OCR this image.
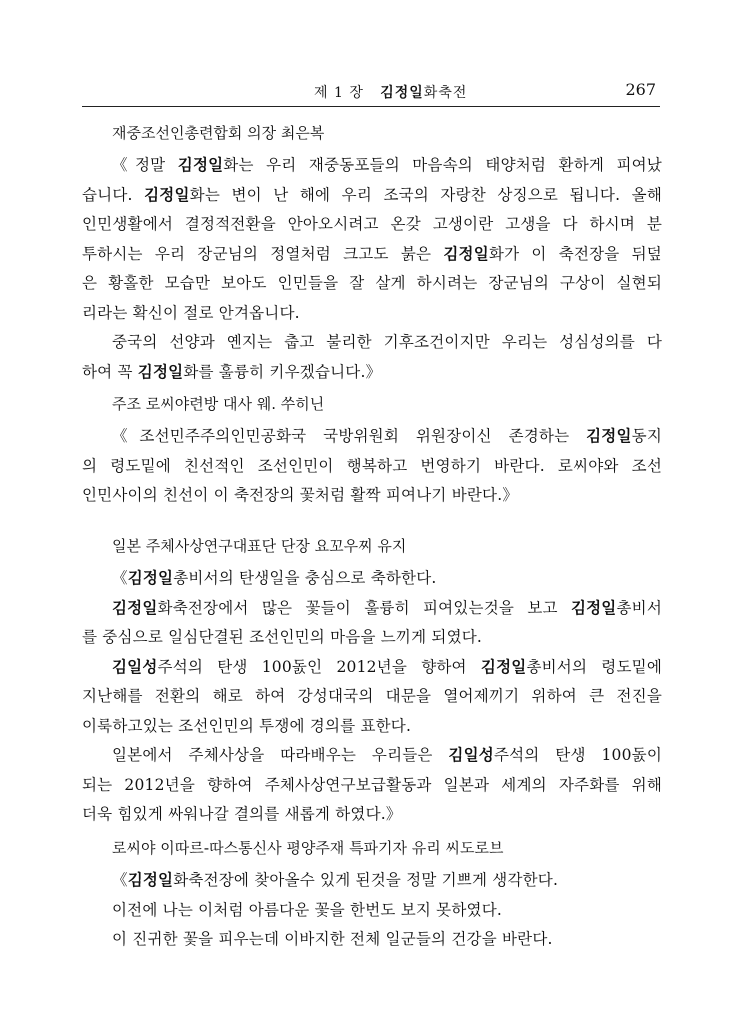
제 1 장 김정일화축전	267
재중조선인총련합회 의장 최은복

《정말 김정일화는 우리 재중동포들의 마음속의 태양처럼 환하게 피여났

습니다. 김정일화는 변이 난 해에 우리 조국의 자랑찬 상징으로 됩니다. 올해

인민생활에서 결정적전환을 안아오시려고 온갖 고생이란 고생을 다 하시며 분

투하시는 우리 장군님의 정열처럼 크고도 붉은 김정일화가 이 축전장을 뒤덮

은 황홀한 모습만 보아도 인민들을 잘 살게 하시려는 장군님의 구상이 실현되

리라는 확신이 절로 안겨옵니다.

중국의 선양과 옌지는 춥고 불리한 기후조건이지만 우리는 성심성의를 다

하여 꼭 김정일화를 훌륭히 키우겠습니다.》

주조 로씨야련방 대사 웨. 쑤히닌

《조선민주주의인민공화국 국방위원회 위원장이신 존경하는 김정일동지

의 령도밑에 친선적인 조선인민이 행복하고 번영하기 바란다. 로씨야와 조선

인민사이의 친선이 이 축전장의 꽃처럼 활짝 피여나기 바란다.》

일본 주체사상연구대표단 단장 요꼬우찌 유지

《김정일총비서의 탄생일을 충심으로 축하한다.

김정일화축전장에서 많은 꽃들이 훌륭히 피여있는것을 보고 김정일총비서

를 중심으로 일심단결된 조선인민의 마음을 느끼게 되였다.

김일성주석의 탄생 100돐인 2012년을 향하여 김정일총비서의 령도밑에

지난해를 전환의 해로 하여 강성대국의 대문을 열어제끼기 위하여 큰 전진을

이룩하고있는 조선인민의 투쟁에 경의를 표한다.

일본에서 주체사상을 따라배우는 우리들은 김일성주석의 탄생 100돐이

되는 2012년을 향하여 주체사상연구보급활동과 일본과 세계의 자주화를 위해

더욱 힘있게 싸워나갈 결의를 새롭게 하였다.》

로씨야 이따르-따스통신사 평양주재 특파기자 유리 씨도로브

《김정일화축전장에 찾아올수 있게 된것을 정말 기쁘게 생각한다.

이전에 나는 이처럼 아름다운 꽃을 한번도 보지 못하였다.

이 진귀한 꽃을 피우는데 이바지한 전체 일군들의 건강을 바란다.
